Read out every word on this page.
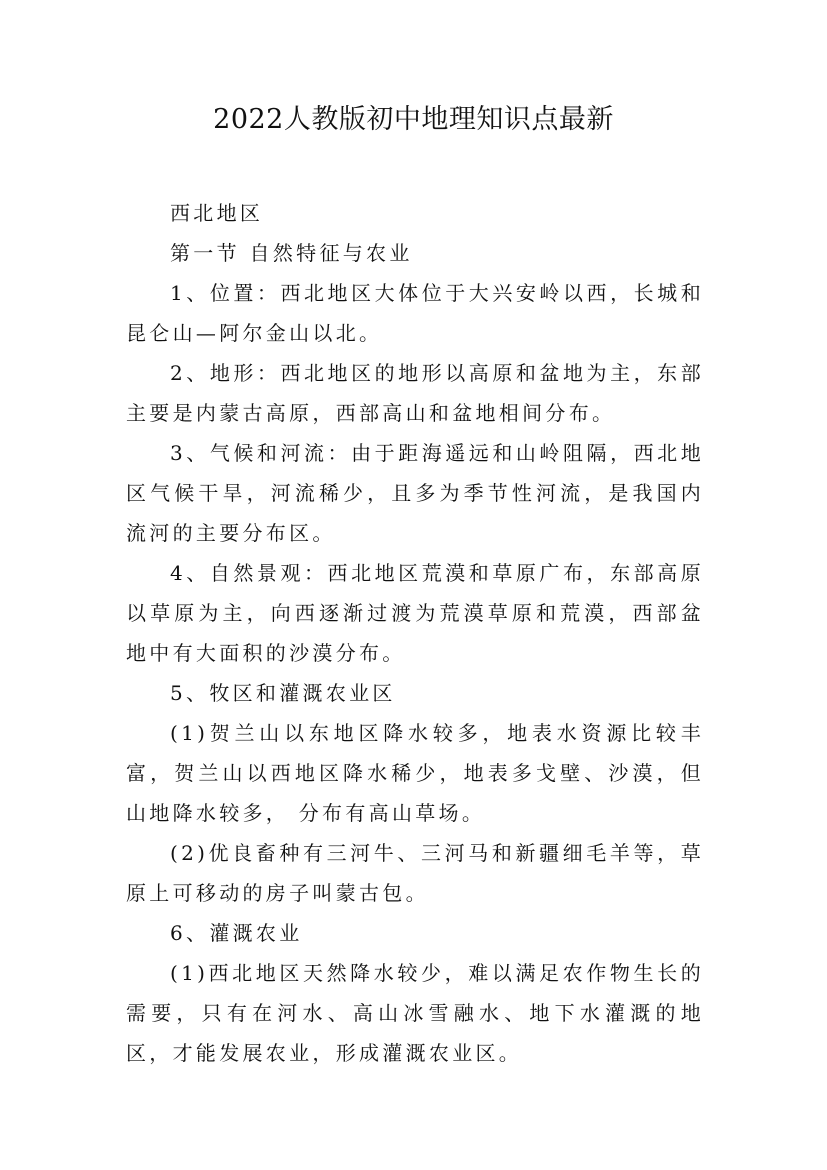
2022人教版初中地理知识点最新

西北地区

第一节 自然特征与农业

1、位置：西北地区大体位于大兴安岭以西，长城和昆仑山—阿尔金山以北。

2、地形：西北地区的地形以高原和盆地为主，东部主要是内蒙古高原，西部高山和盆地相间分布。

3、气候和河流：由于距海遥远和山岭阻隔，西北地区气候干旱，河流稀少，且多为季节性河流，是我国内流河的主要分布区。

4、自然景观：西北地区荒漠和草原广布，东部高原以草原为主，向西逐渐过渡为荒漠草原和荒漠，西部盆地中有大面积的沙漠分布。

5、牧区和灌溉农业区

(1)贺兰山以东地区降水较多，地表水资源比较丰富，贺兰山以西地区降水稀少，地表多戈壁、沙漠，但山地降水较多， 分布有高山草场。

(2)优良畜种有三河牛、三河马和新疆细毛羊等，草原上可移动的房子叫蒙古包。

6、灌溉农业

(1)西北地区天然降水较少，难以满足农作物生长的需要，只有在河水、高山冰雪融水、地下水灌溉的地区，才能发展农业，形成灌溉农业区。
